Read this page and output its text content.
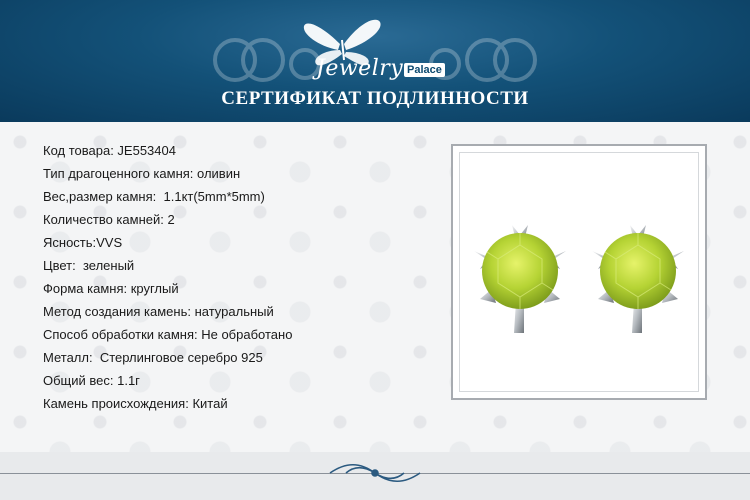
Jewelry Palace
СЕРТИФИКАТ ПОДЛИННОСТИ
Код товара: JE553404
Тип драгоценного камня: оливин
Вес,размер камня:  1.1кт(5mm*5mm)
Количество камней: 2
Ясность:VVS
Цвет:  зеленый
Форма камня: круглый
Метод создания камень: натуральный
Способ обработки камня: Не обработано
Металл:  Стерлинговое серебро 925
Общий вес: 1.1г
Камень происхождения: Китай
